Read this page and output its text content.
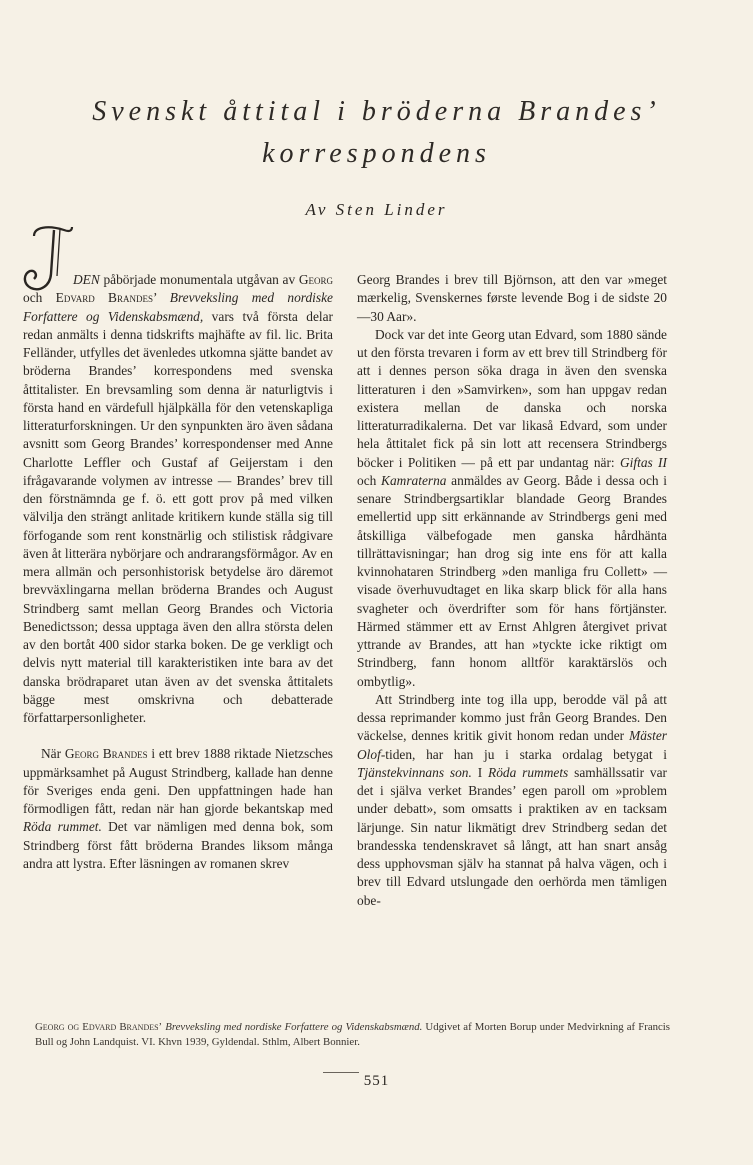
Svenskt åttital i bröderna Brandes’
korrespondens
Av Sten Linder

DEN påbörjade monumentala utgåvan av Georg och Edvard Brandes’ Brevveksling med nordiske Forfattere og Videnskabsmænd, vars två första delar redan anmälts i denna tidskrifts majhäfte av fil. lic. Brita Felländer, utfylles det ävenledes utkomna sjätte bandet av bröderna Brandes’ korrespondens med svenska åttitalister. En brevsamling som denna är naturligtvis i första hand en värdefull hjälpkälla för den vetenskapliga litteraturforskningen. Ur den synpunkten äro även sådana avsnitt som Georg Brandes’ korrespondenser med Anne Charlotte Leffler och Gustaf af Geijerstam i den ifrågavarande volymen av intresse — Brandes’ brev till den förstnämnda ge f. ö. ett gott prov på med vilken välvilja den strängt anlitade kritikern kunde ställa sig till förfogande som rent konstnärlig och stilistisk rådgivare även åt litterära nybörjare och andrarangsförmågor. Av en mera allmän och personhistorisk betydelse äro däremot brevväxlingarna mellan bröderna Brandes och August Strindberg samt mellan Georg Brandes och Victoria Benedictsson; dessa upptaga även den allra största delen av den bortåt 400 sidor starka boken. De ge verkligt och delvis nytt material till karakteristiken inte bara av det danska brödraparet utan även av det svenska åttitalets bägge mest omskrivna och debatterade författarpersonligheter.

När Georg Brandes i ett brev 1888 riktade Nietzsches uppmärksamhet på August Strindberg, kallade han denne för Sveriges enda geni. Den uppfattningen hade han förmodligen fått, redan när han gjorde bekantskap med Röda rummet. Det var nämligen med denna bok, som Strindberg först fått bröderna Brandes liksom många andra att lystra. Efter läsningen av romanen skrev

Georg Brandes i brev till Björnson, att den var »meget mærkelig, Svenskernes første levende Bog i de sidste 20—30 Aar».

Dock var det inte Georg utan Edvard, som 1880 sände ut den första trevaren i form av ett brev till Strindberg för att i dennes person söka draga in även den svenska litteraturen i den »Samvirken», som han uppgav redan existera mellan de danska och norska litteraturradikalerna. Det var likaså Edvard, som under hela åttitalet fick på sin lott att recensera Strindbergs böcker i Politiken — på ett par undantag när: Giftas II och Kamraterna anmäldes av Georg. Både i dessa och i senare Strindbergsartiklar blandade Georg Brandes emellertid upp sitt erkännande av Strindbergs geni med åtskilliga välbefogade men ganska hårdhänta tillrättavisningar; han drog sig inte ens för att kalla kvinnohataren Strindberg »den manliga fru Collett» — visade överhuvudtaget en lika skarp blick för alla hans svagheter och överdrifter som för hans förtjänster. Härmed stämmer ett av Ernst Ahlgren återgivet privat yttrande av Brandes, att han »tyckte icke riktigt om Strindberg, fann honom alltför karaktärslös och ombytlig».

Att Strindberg inte tog illa upp, berodde väl på att dessa reprimander kommo just från Georg Brandes. Den väckelse, dennes kritik givit honom redan under Mäster Olof-tiden, har han ju i starka ordalag betygat i Tjänstekvinnans son. I Röda rummets samhällssatir var det i själva verket Brandes’ egen paroll om »problem under debatt», som omsatts i praktiken av en tacksam lärjunge. Sin natur likmätigt drev Strindberg sedan det brandesska tendenskravet så långt, att han snart ansåg dess upphovsman själv ha stannat på halva vägen, och i brev till Edvard utslungade den oerhörda men tämligen obe-

Georg og Edvard Brandes’ Brevveksling med nordiske Forfattere og Videnskabsmænd. Udgivet af Morten Borup under Medvirkning af Francis Bull og John Landquist. VI. Khvn 1939, Gyldendal. Sthlm, Albert Bonnier.
551
